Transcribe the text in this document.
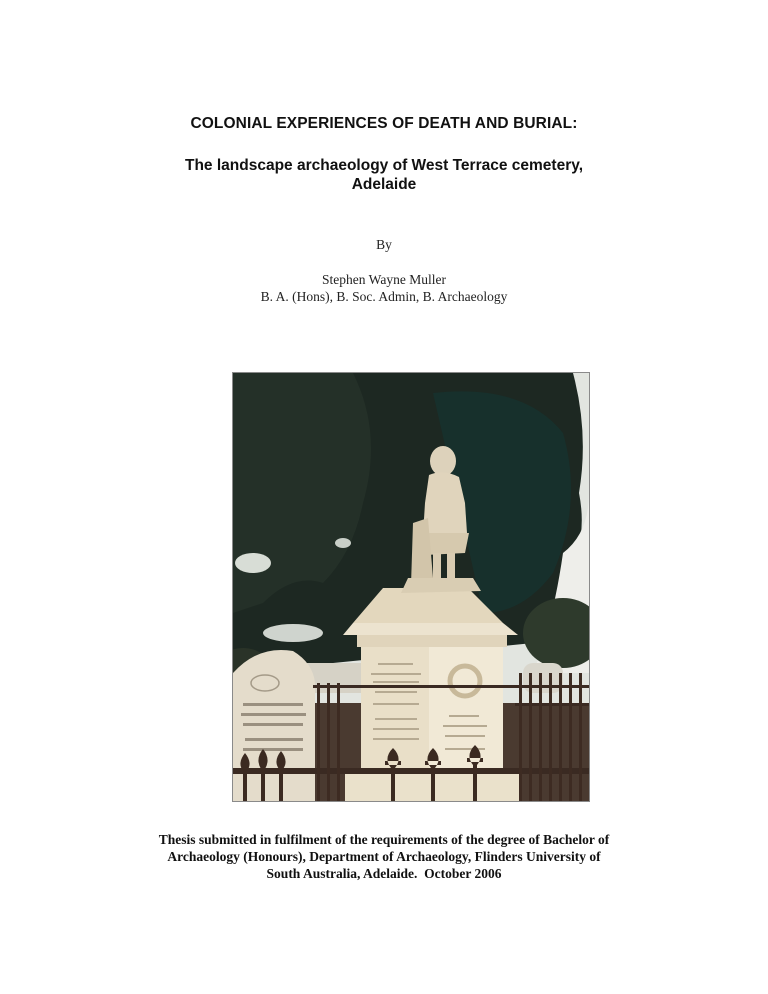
COLONIAL EXPERIENCES OF DEATH AND BURIAL:
The landscape archaeology of West Terrace cemetery,
Adelaide
By
Stephen Wayne Muller
B. A. (Hons), B. Soc. Admin, B. Archaeology
Thesis submitted in fulfilment of the requirements of the degree of Bachelor of
Archaeology (Honours), Department of Archaeology, Flinders University of
South Australia, Adelaide.  October 2006
